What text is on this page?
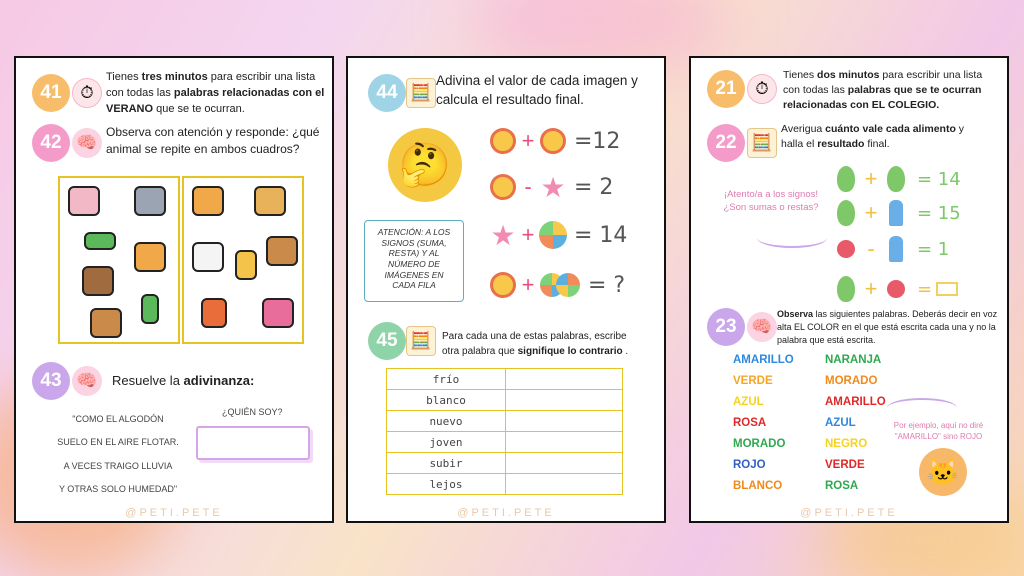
41	⏱
Tienes tres minutos para escribir una lista
con todas las palabras relacionadas con el
VERANO que se te ocurran.
42 🧠
Observa con atención y responde: ¿qué
animal se repite en ambos cuadros?
43 🧠	Resuelve la adivinanza:
"COMO EL ALGODÓN
SUELO EN EL AIRE FLOTAR.
A VECES TRAIGO LLUVIA
Y OTRAS SOLO HUMEDAD"
¿QUIÉN SOY?
@PETI.PETE
44 🧮
Adivina el valor de cada imagen y
calcula el resultado final.
🤔
ATENCIÓN: A LOS
SIGNOS (SUMA,
RESTA) Y AL
NÚMERO DE
IMÁGENES EN
CADA FILA
+ =12
- ★ = 2
★ + = 14
+ = ?
45 🧮	Para cada una de estas palabras, escribe
otra palabra que signifique lo contrario .
frío	
blanco	
nuevo	
joven	
subir	
lejos	
@PETI.PETE
21	⏱
Tienes dos minutos para escribir una lista
con todas las palabras que se te ocurran
relacionadas con EL COLEGIO.
22 🧮
Averigua cuánto vale cada alimento y
halla el resultado final.
¡Atento/a a los signos!
¿Son sumas o restas?
+ = 14
+ = 15
-	= 1
+ =
23 🧠
Observa las siguientes palabras. Deberás decir en voz
alta EL COLOR en el que está escrita cada una y no la
palabra que está escrita.
AMARILLO
VERDE
AZUL
ROSA
MORADO
ROJO
BLANCO
NARANJA
MORADO
AMARILLO
AZUL
NEGRO
VERDE
ROSA
Por ejemplo, aquí no diré
"AMARILLO" sino ROJO
🐱
@PETI.PETE
